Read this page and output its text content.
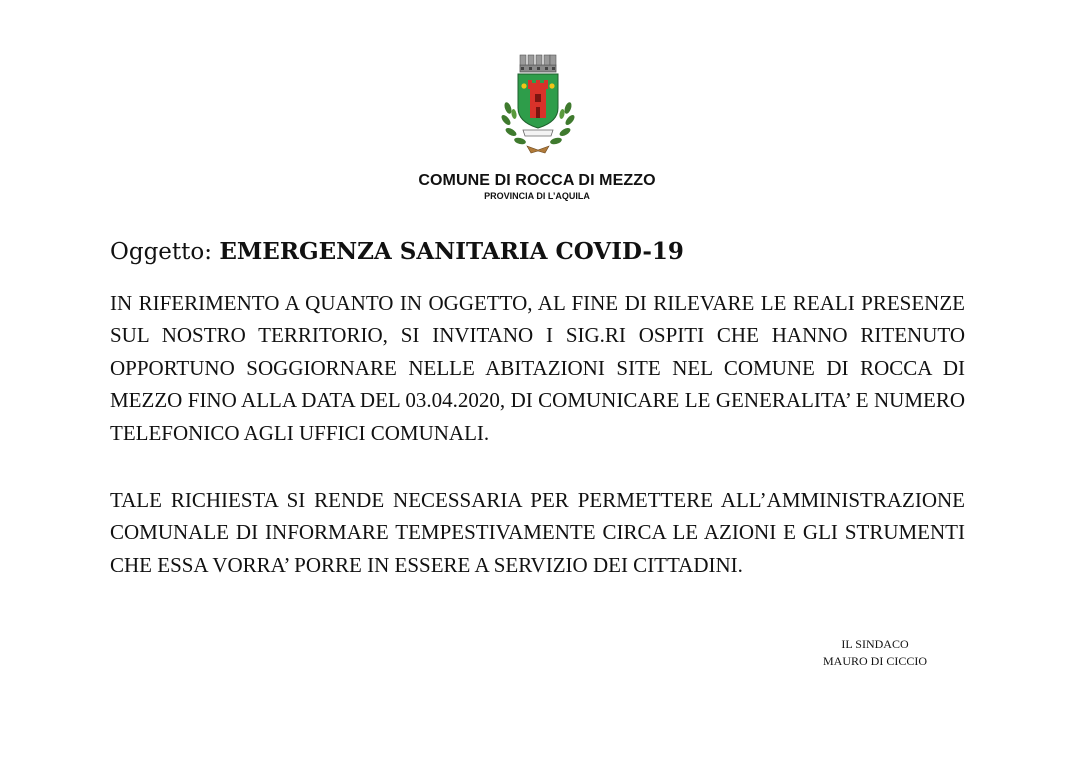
COMUNE DI ROCCA DI MEZZO
PROVINCIA DI L’AQUILA
Oggetto: EMERGENZA SANITARIA COVID-19

IN RIFERIMENTO A QUANTO IN OGGETTO, AL FINE DI RILEVARE LE REALI PRESENZE SUL NOSTRO TERRITORIO, SI INVITANO I SIG.RI OSPITI CHE HANNO RITENUTO OPPORTUNO SOGGIORNARE NELLE ABITAZIONI SITE NEL COMUNE DI ROCCA DI MEZZO FINO ALLA DATA DEL 03.04.2020, DI COMUNICARE LE GENERALITA’ E NUMERO TELEFONICO AGLI UFFICI COMUNALI.

TALE RICHIESTA SI RENDE NECESSARIA PER PERMETTERE ALL’AMMINISTRAZIONE COMUNALE DI INFORMARE TEMPESTIVAMENTE CIRCA LE AZIONI E GLI STRUMENTI CHE ESSA VORRA’ PORRE IN ESSERE A SERVIZIO DEI CITTADINI.

IL SINDACO
MAURO DI CICCIO
